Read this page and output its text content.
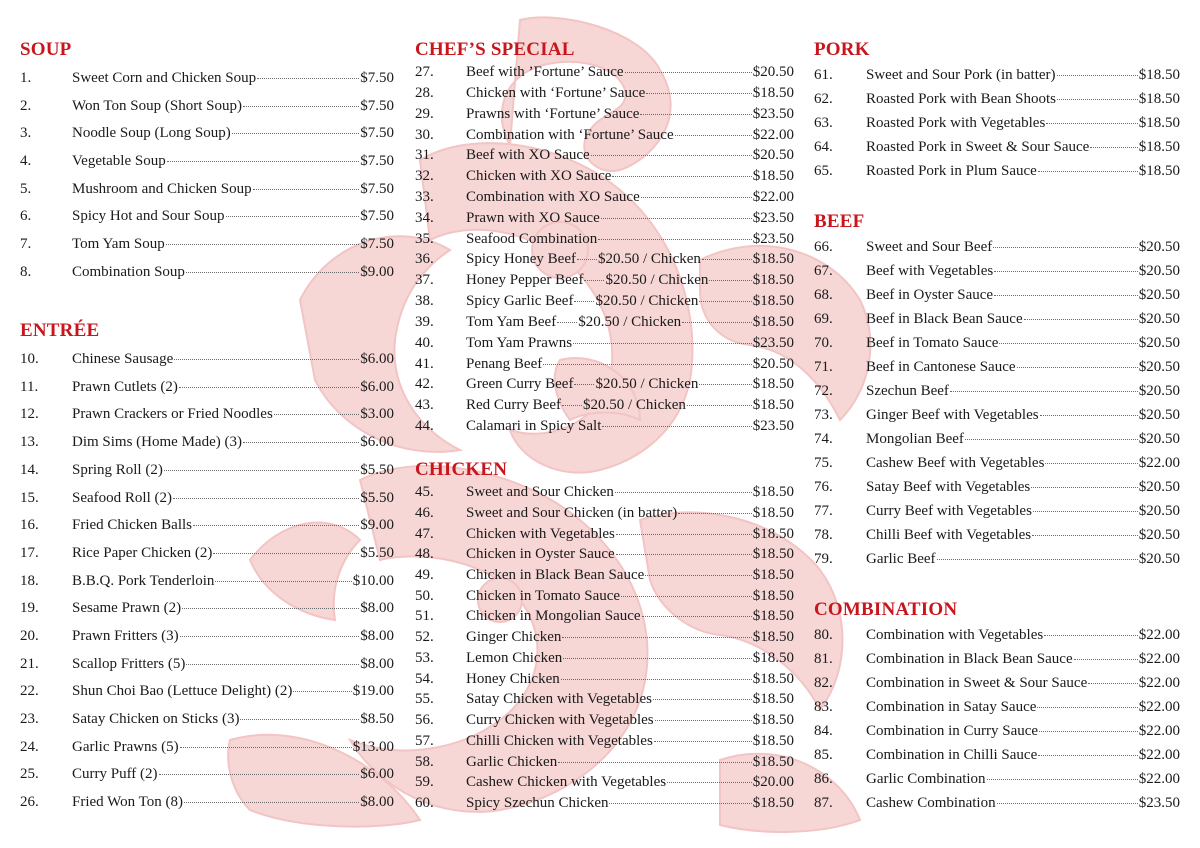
SOUP
1.	Sweet Corn and Chicken Soup	$7.50
2.	Won Ton Soup (Short Soup)	$7.50
3.	Noodle Soup (Long Soup)	$7.50
4.	Vegetable Soup	$7.50
5.	Mushroom and Chicken Soup	$7.50
6.	Spicy Hot and Sour Soup	$7.50
7.	Tom Yam Soup	$7.50
8.	Combination Soup	$9.00
ENTRÉE
10.	Chinese Sausage	$6.00
11.	Prawn Cutlets (2)	$6.00
12.	Prawn Crackers or Fried Noodles	$3.00
13.	Dim Sims (Home Made) (3)	$6.00
14.	Spring Roll (2)	$5.50
15.	Seafood Roll (2)	$5.50
16.	Fried Chicken Balls	$9.00
17.	Rice Paper Chicken (2)	$5.50
18.	B.B.Q. Pork Tenderloin	$10.00
19.	Sesame Prawn (2)	$8.00
20.	Prawn Fritters (3)	$8.00
21.	Scallop Fritters (5)	$8.00
22.	Shun Choi Bao (Lettuce Delight) (2)	$19.00
23.	Satay Chicken on Sticks (3)	$8.50
24.	Garlic Prawns (5)	$13.00
25.	Curry Puff (2)	$6.00
26.	Fried Won Ton (8)	$8.00
CHEF’S SPECIAL
27.	Beef with ’Fortune’ Sauce	$20.50
28.	Chicken with ‘Fortune’ Sauce	$18.50
29.	Prawns with ‘Fortune’ Sauce	$23.50
30.	Combination with ‘Fortune’ Sauce	$22.00
31.	Beef with XO Sauce	$20.50
32.	Chicken with XO Sauce	$18.50
33.	Combination with XO Sauce	$22.00
34.	Prawn with XO Sauce	$23.50
35.	Seafood Combination	$23.50
36.	Spicy Honey Beef $20.50 / Chicken	$18.50
37.	Honey Pepper Beef $20.50 / Chicken	$18.50
38.	Spicy Garlic Beef $20.50 / Chicken	$18.50
39.	Tom Yam Beef $20.50 / Chicken	$18.50
40.	Tom Yam Prawns	$23.50
41.	Penang Beef	$20.50
42.	Green Curry Beef $20.50 / Chicken	$18.50
43.	Red Curry Beef $20.50 / Chicken	$18.50
44.	Calamari in Spicy Salt	$23.50
CHICKEN
45.	Sweet and Sour Chicken	$18.50
46.	Sweet and Sour Chicken (in batter)	$18.50
47.	Chicken with Vegetables	$18.50
48.	Chicken in Oyster Sauce	$18.50
49.	Chicken in Black Bean Sauce	$18.50
50.	Chicken in Tomato Sauce	$18.50
51.	Chicken in Mongolian Sauce	$18.50
52.	Ginger Chicken	$18.50
53.	Lemon Chicken	$18.50
54.	Honey Chicken	$18.50
55.	Satay Chicken with Vegetables	$18.50
56.	Curry Chicken with Vegetables	$18.50
57.	Chilli Chicken with Vegetables	$18.50
58.	Garlic Chicken	$18.50
59.	Cashew Chicken with Vegetables	$20.00
60.	Spicy Szechun Chicken	$18.50
PORK
61.	Sweet and Sour Pork (in batter)	$18.50
62.	Roasted Pork with Bean Shoots	$18.50
63.	Roasted Pork with Vegetables	$18.50
64.	Roasted Pork in Sweet & Sour Sauce	$18.50
65.	Roasted Pork in Plum Sauce	$18.50
BEEF
66.	Sweet and Sour Beef	$20.50
67.	Beef with Vegetables	$20.50
68.	Beef in Oyster Sauce	$20.50
69.	Beef in Black Bean Sauce	$20.50
70.	Beef in Tomato Sauce	$20.50
71.	Beef in Cantonese Sauce	$20.50
72.	Szechun Beef	$20.50
73.	Ginger Beef with Vegetables	$20.50
74.	Mongolian Beef	$20.50
75.	Cashew Beef with Vegetables	$22.00
76.	Satay Beef with Vegetables	$20.50
77.	Curry Beef with Vegetables	$20.50
78.	Chilli Beef with Vegetables	$20.50
79.	Garlic Beef	$20.50
COMBINATION
80.	Combination with Vegetables	$22.00
81.	Combination in Black Bean Sauce	$22.00
82.	Combination in Sweet & Sour Sauce	$22.00
83.	Combination in Satay Sauce	$22.00
84.	Combination in Curry Sauce	$22.00
85.	Combination in Chilli Sauce	$22.00
86.	Garlic Combination	$22.00
87.	Cashew Combination	$23.50
